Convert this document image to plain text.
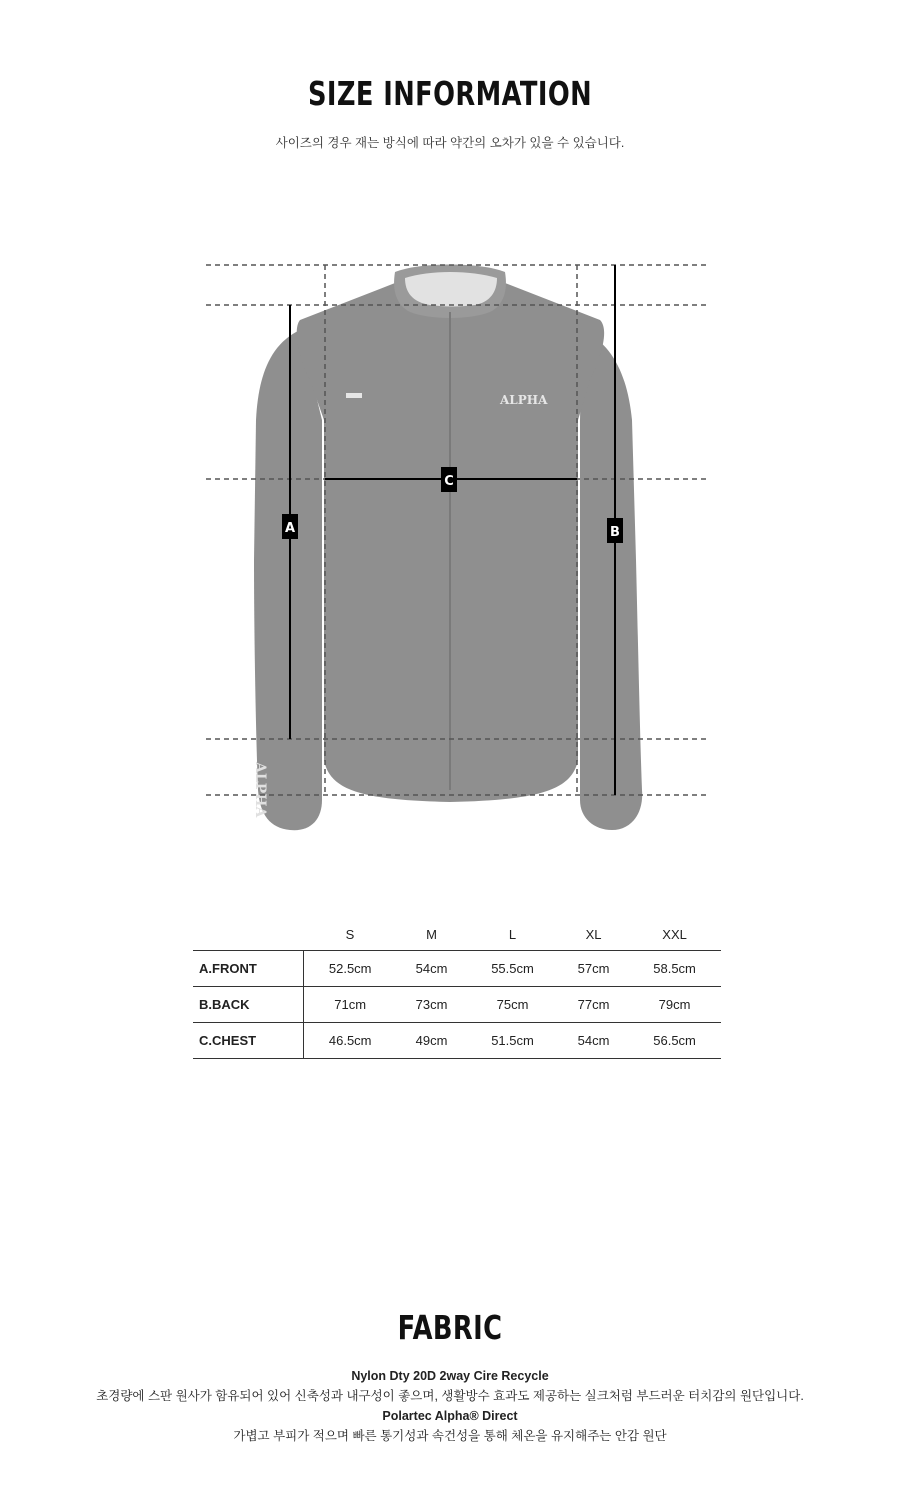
SIZE INFORMATION
사이즈의 경우 재는 방식에 따라 약간의 오차가 있을 수 있습니다.
ALPHA
ALPHA
A	B
C
	S	M	L	XL	XXL
A.FRONT	52.5cm	54cm	55.5cm	57cm	58.5cm
B.BACK	71cm	73cm	75cm	77cm	79cm
C.CHEST	46.5cm	49cm	51.5cm	54cm	56.5cm
FABRIC
Nylon Dty 20D 2way Cire Recycle
초경량에 스판 원사가 함유되어 있어 신축성과 내구성이 좋으며, 생활방수 효과도 제공하는 실크처럼 부드러운 터치감의 원단입니다.
Polartec Alpha® Direct
가볍고 부피가 적으며 빠른 통기성과 속건성을 통해 체온을 유지해주는 안감 원단
